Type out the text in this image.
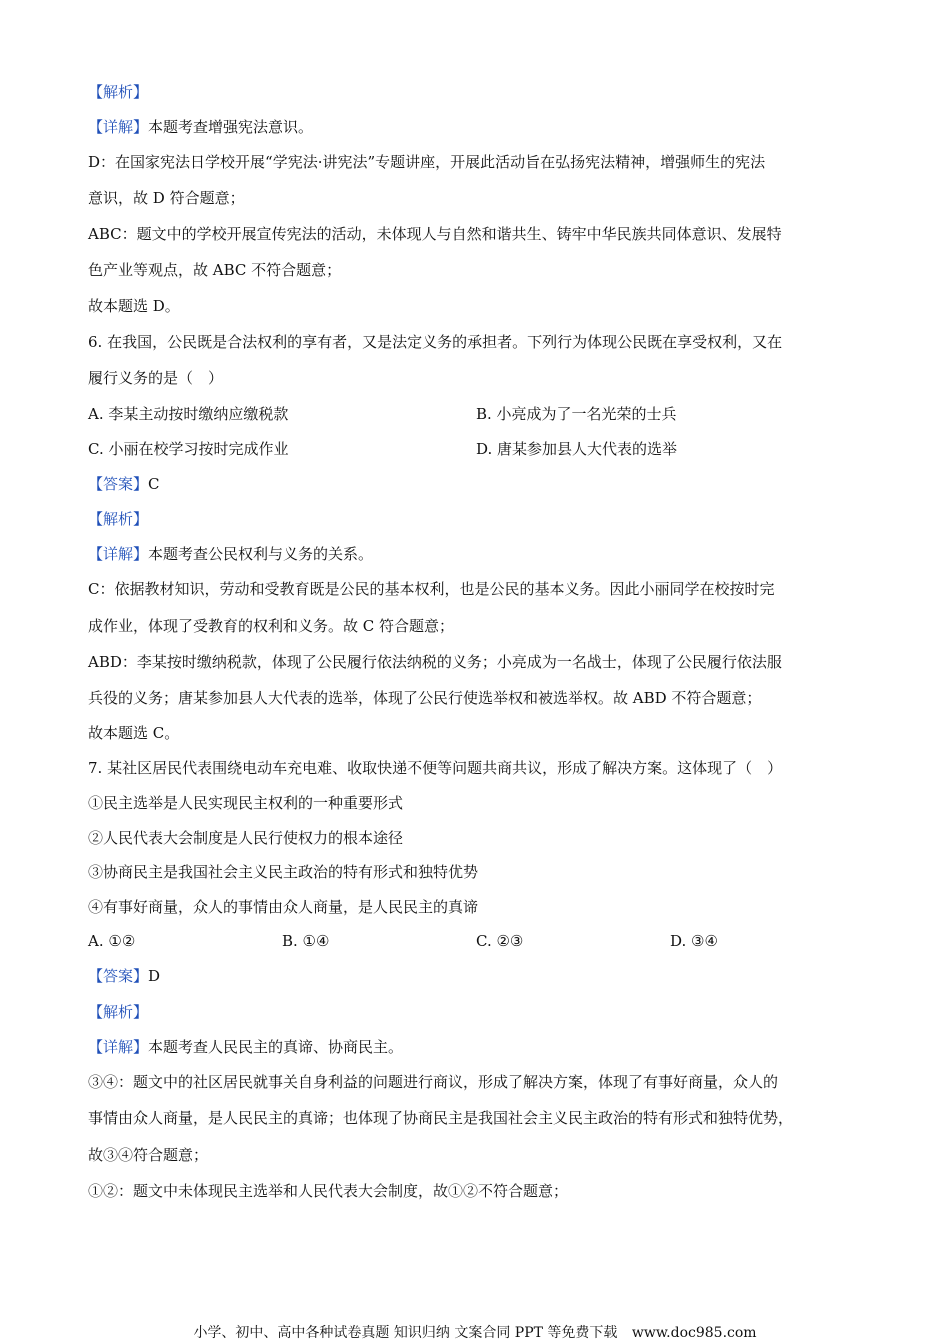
【解析】
【详解】本题考查增强宪法意识。
D：在国家宪法日学校开展“学宪法·讲宪法”专题讲座，开展此活动旨在弘扬宪法精神，增强师生的宪法
意识，故 D 符合题意；
ABC：题文中的学校开展宣传宪法的活动，未体现人与自然和谐共生、铸牢中华民族共同体意识、发展特
色产业等观点，故 ABC 不符合题意；
故本题选 D。
6. 在我国，公民既是合法权利的享有者，又是法定义务的承担者。下列行为体现公民既在享受权利，又在
履行义务的是（　）
A. 李某主动按时缴纳应缴税款	B. 小亮成为了一名光荣的士兵
C. 小丽在校学习按时完成作业	D. 唐某参加县人大代表的选举
【答案】C
【解析】
【详解】本题考查公民权利与义务的关系。
C：依据教材知识，劳动和受教育既是公民的基本权利，也是公民的基本义务。因此小丽同学在校按时完
成作业，体现了受教育的权利和义务。故 C 符合题意；
ABD：李某按时缴纳税款，体现了公民履行依法纳税的义务；小亮成为一名战士，体现了公民履行依法服
兵役的义务；唐某参加县人大代表的选举，体现了公民行使选举权和被选举权。故 ABD 不符合题意；
故本题选 C。
7. 某社区居民代表围绕电动车充电难、收取快递不便等问题共商共议，形成了解决方案。这体现了（　）
①民主选举是人民实现民主权利的一种重要形式
②人民代表大会制度是人民行使权力的根本途径
③协商民主是我国社会主义民主政治的特有形式和独特优势
④有事好商量，众人的事情由众人商量，是人民民主的真谛
A. ①②	B. ①④	C. ②③	D. ③④
【答案】D
【解析】
【详解】本题考查人民民主的真谛、协商民主。
③④：题文中的社区居民就事关自身利益的问题进行商议，形成了解决方案，体现了有事好商量，众人的
事情由众人商量，是人民民主的真谛；也体现了协商民主是我国社会主义民主政治的特有形式和独特优势，
故③④符合题意；
①②：题文中未体现民主选举和人民代表大会制度，故①②不符合题意；
小学、初中、高中各种试卷真题 知识归纳 文案合同 PPT 等免费下载 www.doc985.com
